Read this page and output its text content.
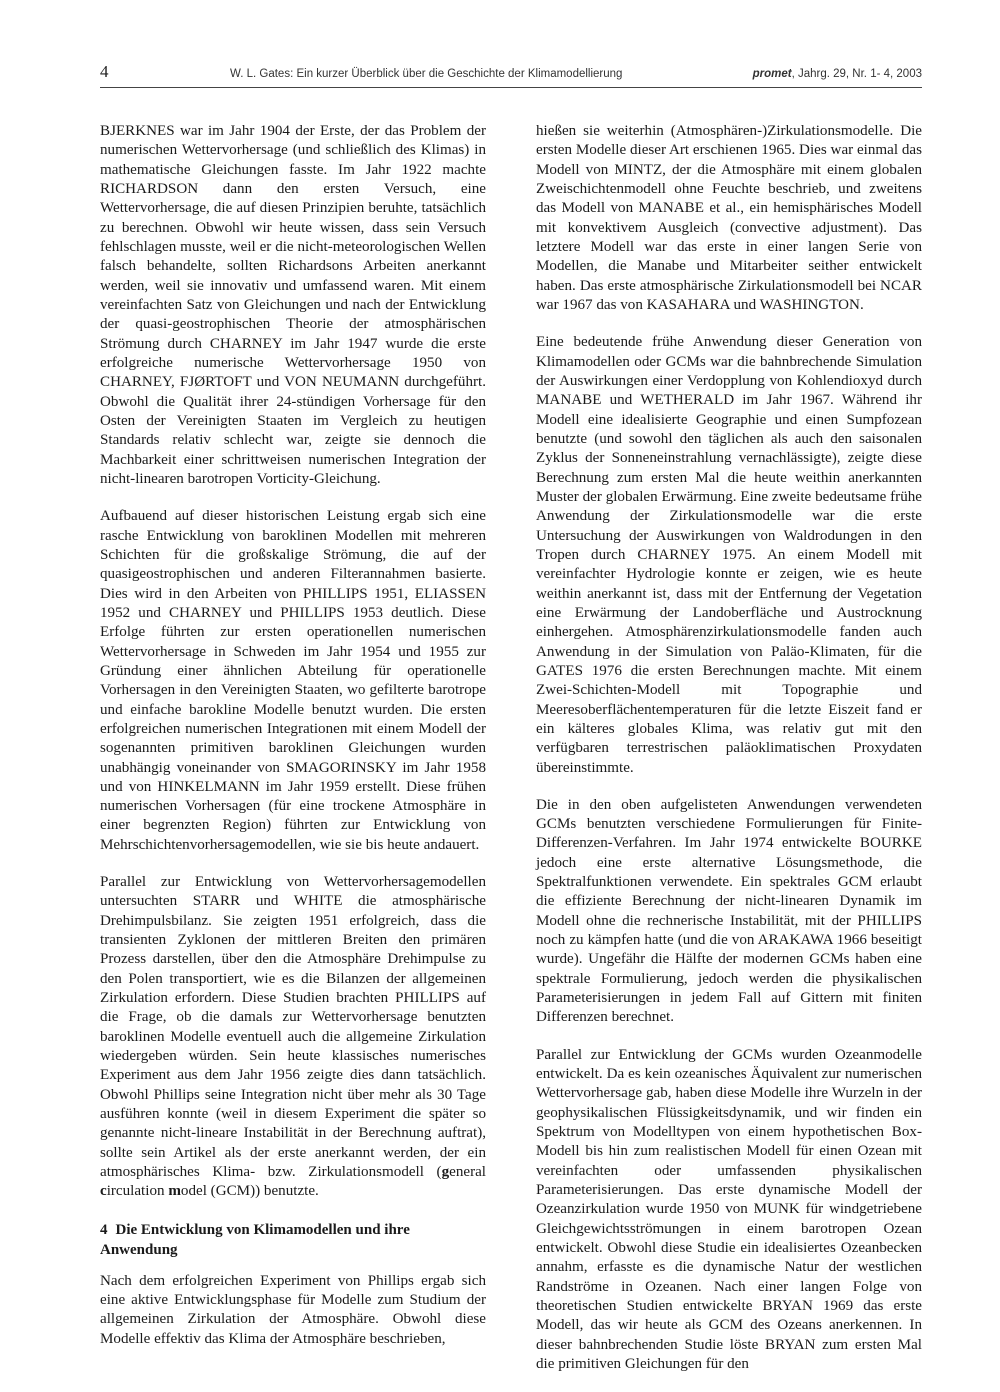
4	W. L. Gates: Ein kurzer Überblick über die Geschichte der Klimamodellierung	promet, Jahrg. 29, Nr. 1- 4, 2003

BJERKNES war im Jahr 1904 der Erste, der das Problem der numerischen Wettervorhersage (und schließlich des Klimas) in mathematische Gleichungen fasste. Im Jahr 1922 machte RICHARDSON dann den ersten Versuch, eine Wettervorhersage, die auf diesen Prinzipien beruhte, tatsächlich zu berechnen. Obwohl wir heute wissen, dass sein Versuch fehlschlagen musste, weil er die nicht-meteorologischen Wellen falsch behandelte, sollten Richardsons Arbeiten anerkannt werden, weil sie innovativ und umfassend waren. Mit einem vereinfachten Satz von Gleichungen und nach der Entwicklung der quasi-geostrophischen Theorie der atmosphärischen Strömung durch CHARNEY im Jahr 1947 wurde die erste erfolgreiche numerische Wettervorhersage 1950 von CHARNEY, FJØRTOFT und VON NEUMANN durchgeführt. Obwohl die Qualität ihrer 24-stündigen Vorhersage für den Osten der Vereinigten Staaten im Vergleich zu heutigen Standards relativ schlecht war, zeigte sie dennoch die Machbarkeit einer schrittweisen numerischen Integration der nicht-linearen barotropen Vorticity-Gleichung.

Aufbauend auf dieser historischen Leistung ergab sich eine rasche Entwicklung von baroklinen Modellen mit mehreren Schichten für die großskalige Strömung, die auf der quasigeostrophischen und anderen Filterannahmen basierte. Dies wird in den Arbeiten von PHILLIPS 1951, ELIASSEN 1952 und CHARNEY und PHILLIPS 1953 deutlich. Diese Erfolge führten zur ersten operationellen numerischen Wettervorhersage in Schweden im Jahr 1954 und 1955 zur Gründung einer ähnlichen Abteilung für operationelle Vorhersagen in den Vereinigten Staaten, wo gefilterte barotrope und einfache barokline Modelle benutzt wurden. Die ersten erfolgreichen numerischen Integrationen mit einem Modell der sogenannten primitiven baroklinen Gleichungen wurden unabhängig voneinander von SMAGORINSKY im Jahr 1958 und von HINKELMANN im Jahr 1959 erstellt. Diese frühen numerischen Vorhersagen (für eine trockene Atmosphäre in einer begrenzten Region) führten zur Entwicklung von Mehrschichtenvorhersagemodellen, wie sie bis heute andauert.

Parallel zur Entwicklung von Wettervorhersagemodellen untersuchten STARR und WHITE die atmosphärische Drehimpulsbilanz. Sie zeigten 1951 erfolgreich, dass die transienten Zyklonen der mittleren Breiten den primären Prozess darstellen, über den die Atmosphäre Drehimpulse zu den Polen transportiert, wie es die Bilanzen der allgemeinen Zirkulation erfordern. Diese Studien brachten PHILLIPS auf die Frage, ob die damals zur Wettervorhersage benutzten baroklinen Modelle eventuell auch die allgemeine Zirkulation wiedergeben würden. Sein heute klassisches numerisches Experiment aus dem Jahr 1956 zeigte dies dann tatsächlich. Obwohl Phillips seine Integration nicht über mehr als 30 Tage ausführen konnte (weil in diesem Experiment die später so genannte nicht-lineare Instabilität in der Berechnung auftrat), sollte sein Artikel als der erste anerkannt werden, der ein atmosphärisches Klima- bzw. Zirkulationsmodell (general circulation model (GCM)) benutzte.

4 Die Entwicklung von Klimamodellen und ihre Anwendung

Nach dem erfolgreichen Experiment von Phillips ergab sich eine aktive Entwicklungsphase für Modelle zum Studium der allgemeinen Zirkulation der Atmosphäre. Obwohl diese Modelle effektiv das Klima der Atmosphäre beschrieben,

hießen sie weiterhin (Atmosphären-)Zirkulationsmodelle. Die ersten Modelle dieser Art erschienen 1965. Dies war einmal das Modell von MINTZ, der die Atmosphäre mit einem globalen Zweischichtenmodell ohne Feuchte beschrieb, und zweitens das Modell von MANABE et al., ein hemisphärisches Modell mit konvektivem Ausgleich (convective adjustment). Das letztere Modell war das erste in einer langen Serie von Modellen, die Manabe und Mitarbeiter seither entwickelt haben. Das erste atmosphärische Zirkulationsmodell bei NCAR war 1967 das von KASAHARA und WASHINGTON.

Eine bedeutende frühe Anwendung dieser Generation von Klimamodellen oder GCMs war die bahnbrechende Simulation der Auswirkungen einer Verdopplung von Kohlendioxyd durch MANABE und WETHERALD im Jahr 1967. Während ihr Modell eine idealisierte Geographie und einen Sumpfozean benutzte (und sowohl den täglichen als auch den saisonalen Zyklus der Sonneneinstrahlung vernachlässigte), zeigte diese Berechnung zum ersten Mal die heute weithin anerkannten Muster der globalen Erwärmung. Eine zweite bedeutsame frühe Anwendung der Zirkulationsmodelle war die erste Untersuchung der Auswirkungen von Waldrodungen in den Tropen durch CHARNEY 1975. An einem Modell mit vereinfachter Hydrologie konnte er zeigen, wie es heute weithin anerkannt ist, dass mit der Entfernung der Vegetation eine Erwärmung der Landoberfläche und Austrocknung einhergehen. Atmosphärenzirkulationsmodelle fanden auch Anwendung in der Simulation von Paläo-Klimaten, für die GATES 1976 die ersten Berechnungen machte. Mit einem Zwei-Schichten-Modell mit Topographie und Meeresoberflächentemperaturen für die letzte Eiszeit fand er ein kälteres globales Klima, was relativ gut mit den verfügbaren terrestrischen paläoklimatischen Proxydaten übereinstimmte.

Die in den oben aufgelisteten Anwendungen verwendeten GCMs benutzten verschiedene Formulierungen für Finite-Differenzen-Verfahren. Im Jahr 1974 entwickelte BOURKE jedoch eine erste alternative Lösungsmethode, die Spektralfunktionen verwendete. Ein spektrales GCM erlaubt die effiziente Berechnung der nicht-linearen Dynamik im Modell ohne die rechnerische Instabilität, mit der PHILLIPS noch zu kämpfen hatte (und die von ARAKAWA 1966 beseitigt wurde). Ungefähr die Hälfte der modernen GCMs haben eine spektrale Formulierung, jedoch werden die physikalischen Parameterisierungen in jedem Fall auf Gittern mit finiten Differenzen berechnet.

Parallel zur Entwicklung der GCMs wurden Ozeanmodelle entwickelt. Da es kein ozeanisches Äquivalent zur numerischen Wettervorhersage gab, haben diese Modelle ihre Wurzeln in der geophysikalischen Flüssigkeitsdynamik, und wir finden ein Spektrum von Modelltypen von einem hypothetischen Box-Modell bis hin zum realistischen Modell für einen Ozean mit vereinfachten oder umfassenden physikalischen Parameterisierungen. Das erste dynamische Modell der Ozeanzirkulation wurde 1950 von MUNK für windgetriebene Gleichgewichtsströmungen in einem barotropen Ozean entwickelt. Obwohl diese Studie ein idealisiertes Ozeanbecken annahm, erfasste es die dynamische Natur der westlichen Randströme in Ozeanen. Nach einer langen Folge von theoretischen Studien entwickelte BRYAN 1969 das erste Modell, das wir heute als GCM des Ozeans anerkennen. In dieser bahnbrechenden Studie löste BRYAN zum ersten Mal die primitiven Gleichungen für den
